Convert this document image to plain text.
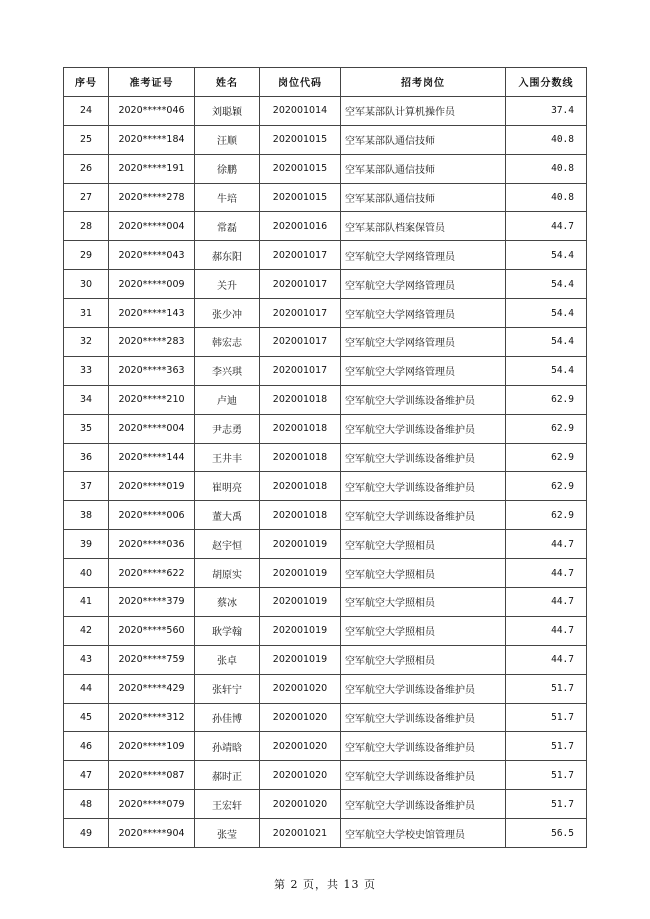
序号	准考证号	姓名	岗位代码	招考岗位	入围分数线
24	2020*****046	刘聪颖	202001014	空军某部队计算机操作员	37.4
25	2020*****184	汪顺	202001015	空军某部队通信技师	40.8
26	2020*****191	徐鹏	202001015	空军某部队通信技师	40.8
27	2020*****278	牛培	202001015	空军某部队通信技师	40.8
28	2020*****004	常磊	202001016	空军某部队档案保管员	44.7
29	2020*****043	郝东阳	202001017	空军航空大学网络管理员	54.4
30	2020*****009	关升	202001017	空军航空大学网络管理员	54.4
31	2020*****143	张少冲	202001017	空军航空大学网络管理员	54.4
32	2020*****283	韩宏志	202001017	空军航空大学网络管理员	54.4
33	2020*****363	李兴琪	202001017	空军航空大学网络管理员	54.4
34	2020*****210	卢迪	202001018	空军航空大学训练设备维护员	62.9
35	2020*****004	尹志勇	202001018	空军航空大学训练设备维护员	62.9
36	2020*****144	王井丰	202001018	空军航空大学训练设备维护员	62.9
37	2020*****019	崔明亮	202001018	空军航空大学训练设备维护员	62.9
38	2020*****006	董大禹	202001018	空军航空大学训练设备维护员	62.9
39	2020*****036	赵宇恒	202001019	空军航空大学照相员	44.7
40	2020*****622	胡原实	202001019	空军航空大学照相员	44.7
41	2020*****379	蔡冰	202001019	空军航空大学照相员	44.7
42	2020*****560	耿学翰	202001019	空军航空大学照相员	44.7
43	2020*****759	张卓	202001019	空军航空大学照相员	44.7
44	2020*****429	张轩宁	202001020	空军航空大学训练设备维护员	51.7
45	2020*****312	孙佳博	202001020	空军航空大学训练设备维护员	51.7
46	2020*****109	孙靖晗	202001020	空军航空大学训练设备维护员	51.7
47	2020*****087	郝时正	202001020	空军航空大学训练设备维护员	51.7
48	2020*****079	王宏轩	202001020	空军航空大学训练设备维护员	51.7
49	2020*****904	张莹	202001021	空军航空大学校史馆管理员	56.5
第 2 页，共 13 页
